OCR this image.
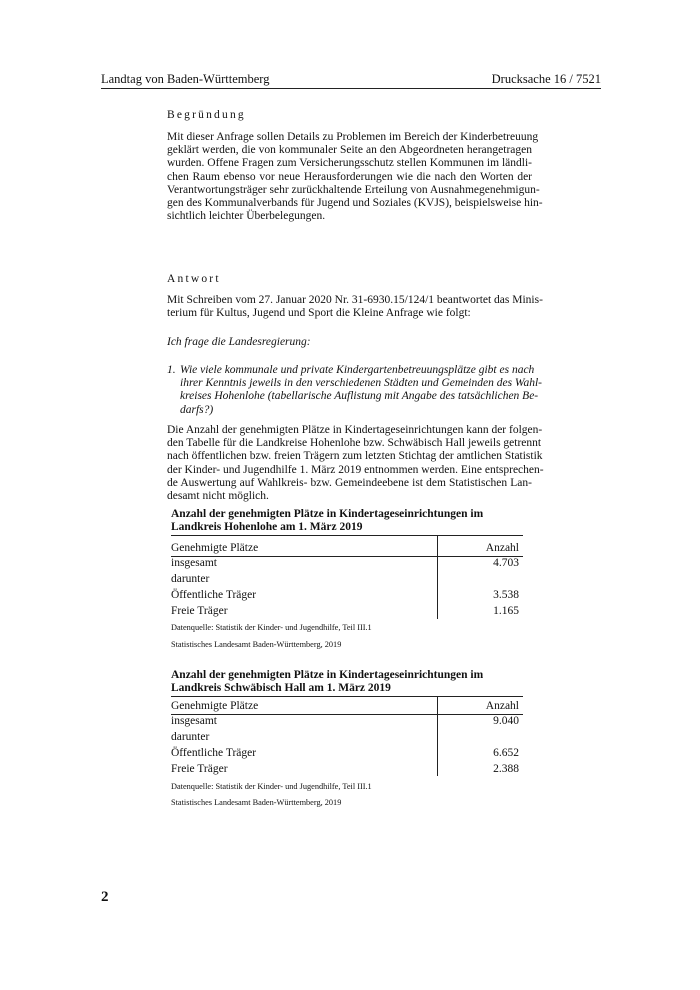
Landtag von Baden-Württemberg	Drucksache 16 / 7521
Begründung
Mit dieser Anfrage sollen Details zu Problemen im Bereich der Kinderbetreuung
geklärt werden, die von kommunaler Seite an den Abgeordneten herangetragen
wurden. Offene Fragen zum Versicherungsschutz stellen Kommunen im ländli-
chen Raum ebenso vor neue Herausforderungen wie die nach den Worten der
Verantwortungsträger sehr zurückhaltende Erteilung von Ausnahmegenehmigun-
gen des Kommunalverbands für Jugend und Soziales (KVJS), beispielsweise hin-
sichtlich leichter Überbelegungen.
Antwort
Mit Schreiben vom 27. Januar 2020 Nr. 31-6930.15/124/1 beantwortet das Minis-
terium für Kultus, Jugend und Sport die Kleine Anfrage wie folgt:
Ich frage die Landesregierung:
1. Wie viele kommunale und private Kindergartenbetreuungsplätze gibt es nach
ihrer Kenntnis jeweils in den verschiedenen Städten und Gemeinden des Wahl-
kreises Hohenlohe (tabellarische Auflistung mit Angabe des tatsächlichen Be-
darfs?)
Die Anzahl der genehmigten Plätze in Kindertageseinrichtungen kann der folgen-
den Tabelle für die Landkreise Hohenlohe bzw. Schwäbisch Hall jeweils getrennt
nach öffentlichen bzw. freien Trägern zum letzten Stichtag der amtlichen Statistik
der Kinder- und Jugendhilfe 1. März 2019 entnommen werden. Eine entsprechen-
de Auswertung auf Wahlkreis- bzw. Gemeindeebene ist dem Statistischen Lan-
desamt nicht möglich.
Anzahl der genehmigten Plätze in Kindertageseinrichtungen im
Landkreis Hohenlohe am 1. März 2019
Genehmigte Plätze	Anzahl
insgesamt	4.703
darunter
Öffentliche Träger	3.538
Freie Träger	1.165
Datenquelle: Statistik der Kinder- und Jugendhilfe, Teil III.1
Statistisches Landesamt Baden-Württemberg, 2019
Anzahl der genehmigten Plätze in Kindertageseinrichtungen im
Landkreis Schwäbisch Hall am 1. März 2019
Genehmigte Plätze	Anzahl
insgesamt	9.040
darunter
Öffentliche Träger	6.652
Freie Träger	2.388
Datenquelle: Statistik der Kinder- und Jugendhilfe, Teil III.1
Statistisches Landesamt Baden-Württemberg, 2019
2
